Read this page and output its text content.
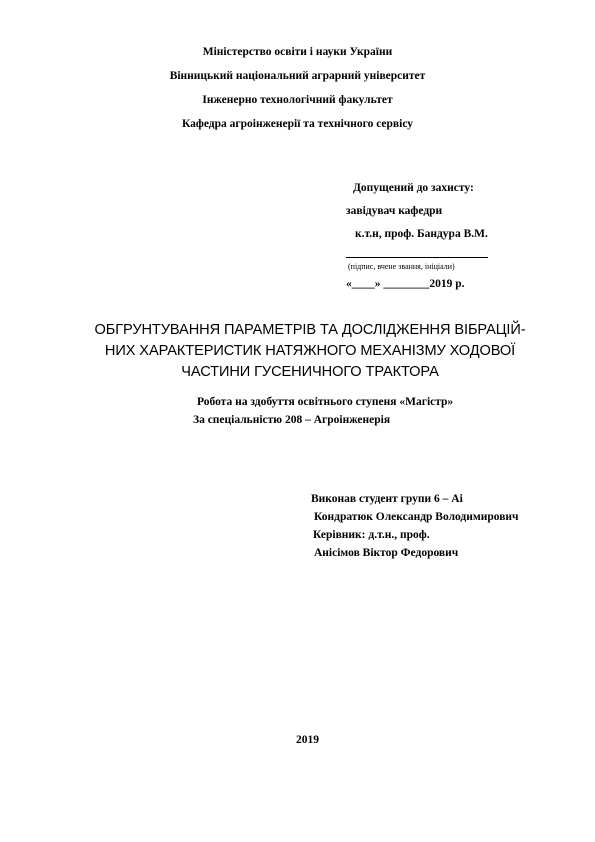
Міністерство освіти і науки України
Вінницький національний аграрний університет
Інженерно технологічний факультет
Кафедра агроінженерії та технічного сервісу
Допущений до захисту:
завідувач кафедри
к.т.н, проф. Бандура В.М.
(підпис, вчене звання, ініціали)
«____» ________2019 р.
ОБГРУНТУВАННЯ ПАРАМЕТРІВ ТА ДОСЛІДЖЕННЯ ВІБРАЦІЙ-
НИХ ХАРАКТЕРИСТИК НАТЯЖНОГО МЕХАНІЗМУ ХОДОВОЇ
ЧАСТИНИ ГУСЕНИЧНОГО ТРАКТОРА
Робота на здобуття освітнього ступеня «Магістр»
За спеціальністю 208 – Агроінженерія
Виконав студент групи 6 – Аі
Кондратюк Олександр Володимирович
Керівник: д.т.н., проф.
Анісімов Віктор Федорович
2019
